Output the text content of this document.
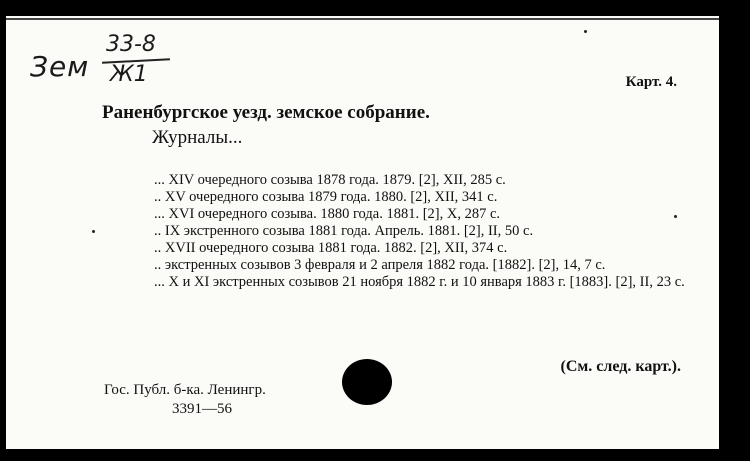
Зем
33-8
Ж1	Карт. 4.
Раненбургское уезд. земское собрание.
Журналы...
... XIV очередного созыва 1878 года. 1879. [2], XII, 285 с.
.. XV очередного созыва 1879 года. 1880. [2], XII, 341 с.
... XVI очередного созыва. 1880 года. 1881. [2], X, 287 с.
.. IX экстренного созыва 1881 года. Апрель. 1881. [2], II, 50 с.
.. XVII очередного созыва 1881 года. 1882. [2], XII, 374 с.
.. экстренных созывов 3 февраля и 2 апреля 1882 года. [1882]. [2], 14, 7 с.
... X и XI экстренных созывов 21 ноября 1882 г. и 10 января 1883 г. [1883]. [2], II, 23 с.
(См. след. карт.).
Гос. Публ. б-ка. Ленингр.
3391—56
